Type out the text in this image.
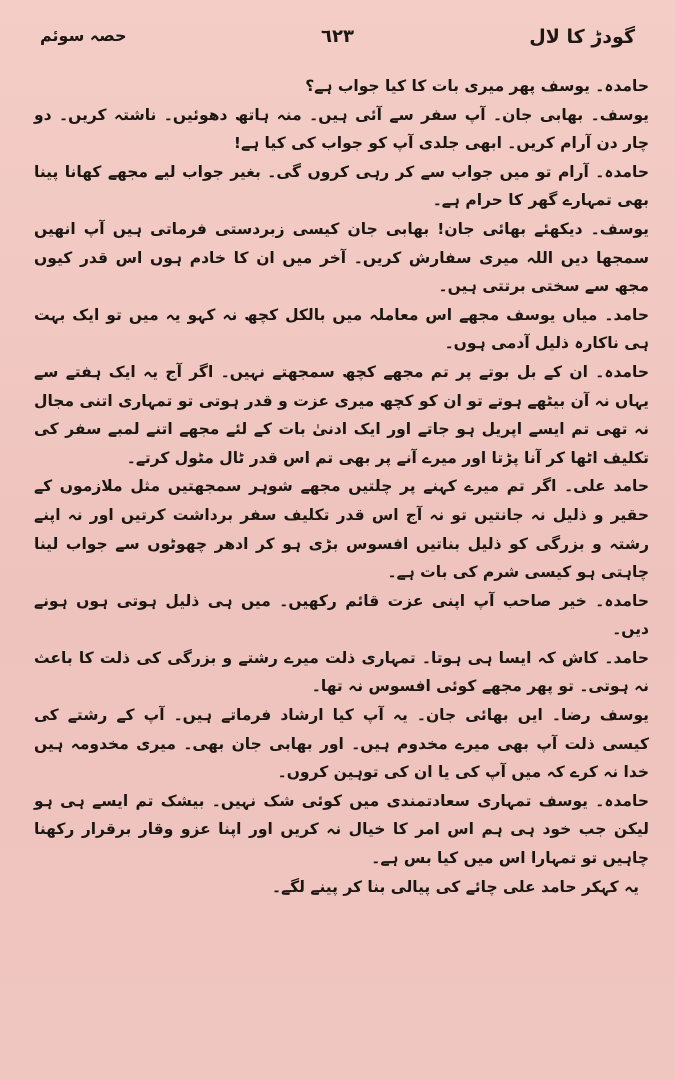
گودڑ کا لال
٦٢٣
حصہ سوئم

حامدہ۔ یوسف پھر میری بات کا کیا جواب ہے؟

یوسف۔ بھابی جان۔ آپ سفر سے آئی ہیں۔ منہ ہاتھ دھوئیں۔ ناشتہ کریں۔ دو چار دن آرام کریں۔ ابھی جلدی آپ کو جواب کی کیا ہے!

حامدہ۔ آرام تو میں جواب سے کر رہی کروں گی۔ بغیر جواب لیے مجھے کھانا پینا بھی تمہارے گھر کا حرام ہے۔

یوسف۔ دیکھئے بھائی جان! بھابی جان کیسی زبردستی فرماتی ہیں آپ انھیں سمجھا دیں اللہ میری سفارش کریں۔ آخر میں ان کا خادم ہوں اس قدر کیوں مجھ سے سختی برتتی ہیں۔

حامد۔ میاں یوسف مجھے اس معاملہ میں بالکل کچھ نہ کہو یہ میں تو ایک بہت ہی ناکارہ ذلیل آدمی ہوں۔

حامدہ۔ ان کے بل بوتے پر تم مجھے کچھ سمجھتے نہیں۔ اگر آج یہ ایک ہفتے سے یہاں نہ آن بیٹھے ہوتے تو ان کو کچھ میری عزت و قدر ہوتی تو تمہاری اتنی مجال نہ تھی تم ایسے اپریل ہو جاتے اور ایک ادنیٰ بات کے لئے مجھے اتنے لمبے سفر کی تکلیف اٹھا کر آنا پڑتا اور میرے آنے پر بھی تم اس قدر ٹال مٹول کرتے۔

حامد علی۔ اگر تم میرے کہنے پر چلتیں مجھے شوہر سمجھتیں مثل ملازموں کے حقیر و ذلیل نہ جانتیں تو نہ آج اس قدر تکلیف سفر برداشت کرتیں اور نہ اپنے رشتہ و بزرگی کو ذلیل بناتیں افسوس بڑی ہو کر ادھر چھوٹوں سے جواب لینا چاہتی ہو کیسی شرم کی بات ہے۔

حامدہ۔ خیر صاحب آپ اپنی عزت قائم رکھیں۔ میں ہی ذلیل ہوتی ہوں ہونے دیں۔

حامد۔ کاش کہ ایسا ہی ہوتا۔ تمہاری ذلت میرے رشتے و بزرگی کی ذلت کا باعث نہ ہوتی۔ تو پھر مجھے کوئی افسوس نہ تھا۔

یوسف رضا۔ ایں بھائی جان۔ یہ آپ کیا ارشاد فرماتے ہیں۔ آپ کے رشتے کی کیسی ذلت آپ بھی میرے مخدوم ہیں۔ اور بھابی جان بھی۔ میری مخدومہ ہیں خدا نہ کرے کہ میں آپ کی یا ان کی توہین کروں۔

حامدہ۔ یوسف تمہاری سعادتمندی میں کوئی شک نہیں۔ بیشک تم ایسے ہی ہو لیکن جب خود ہی ہم اس امر کا خیال نہ کریں اور اپنا عزو وقار برقرار رکھنا چاہیں تو تمہارا اس میں کیا بس ہے۔

یہ کہکر حامد علی چائے کی پیالی بنا کر پینے لگے۔
